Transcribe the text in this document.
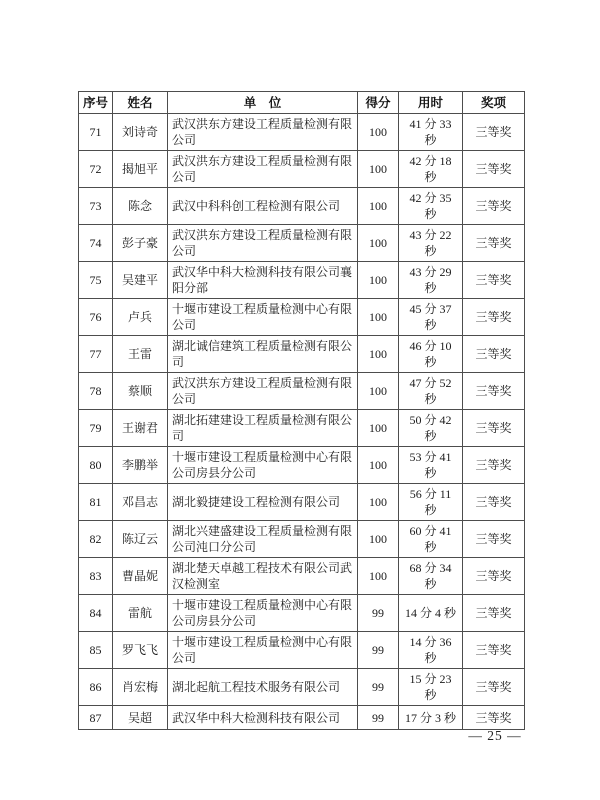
序号	姓名	单　位	得分	用时	奖项
71	刘诗奇	武汉洪东方建设工程质量检测有限公司	100	41 分 33 秒	三等奖
72	揭旭平	武汉洪东方建设工程质量检测有限公司	100	42 分 18 秒	三等奖
73	陈念	武汉中科科创工程检测有限公司	100	42 分 35 秒	三等奖
74	彭子豪	武汉洪东方建设工程质量检测有限公司	100	43 分 22 秒	三等奖
75	吴建平	武汉华中科大检测科技有限公司襄阳分部	100	43 分 29 秒	三等奖
76	卢兵	十堰市建设工程质量检测中心有限公司	100	45 分 37 秒	三等奖
77	王雷	湖北诚信建筑工程质量检测有限公司	100	46 分 10 秒	三等奖
78	蔡顺	武汉洪东方建设工程质量检测有限公司	100	47 分 52 秒	三等奖
79	王谢君	湖北拓建建设工程质量检测有限公司	100	50 分 42 秒	三等奖
80	李鹏举	十堰市建设工程质量检测中心有限公司房县分公司	100	53 分 41 秒	三等奖
81	邓昌志	湖北毅捷建设工程检测有限公司	100	56 分 11 秒	三等奖
82	陈辽云	湖北兴建盛建设工程质量检测有限公司沌口分公司	100	60 分 41 秒	三等奖
83	曹晶妮	湖北楚天卓越工程技术有限公司武汉检测室	100	68 分 34 秒	三等奖
84	雷航	十堰市建设工程质量检测中心有限公司房县分公司	99	14 分 4 秒	三等奖
85	罗飞飞	十堰市建设工程质量检测中心有限公司	99	14 分 36 秒	三等奖
86	肖宏梅	湖北起航工程技术服务有限公司	99	15 分 23 秒	三等奖
87	吴超	武汉华中科大检测科技有限公司	99	17 分 3 秒	三等奖
— 25 —
